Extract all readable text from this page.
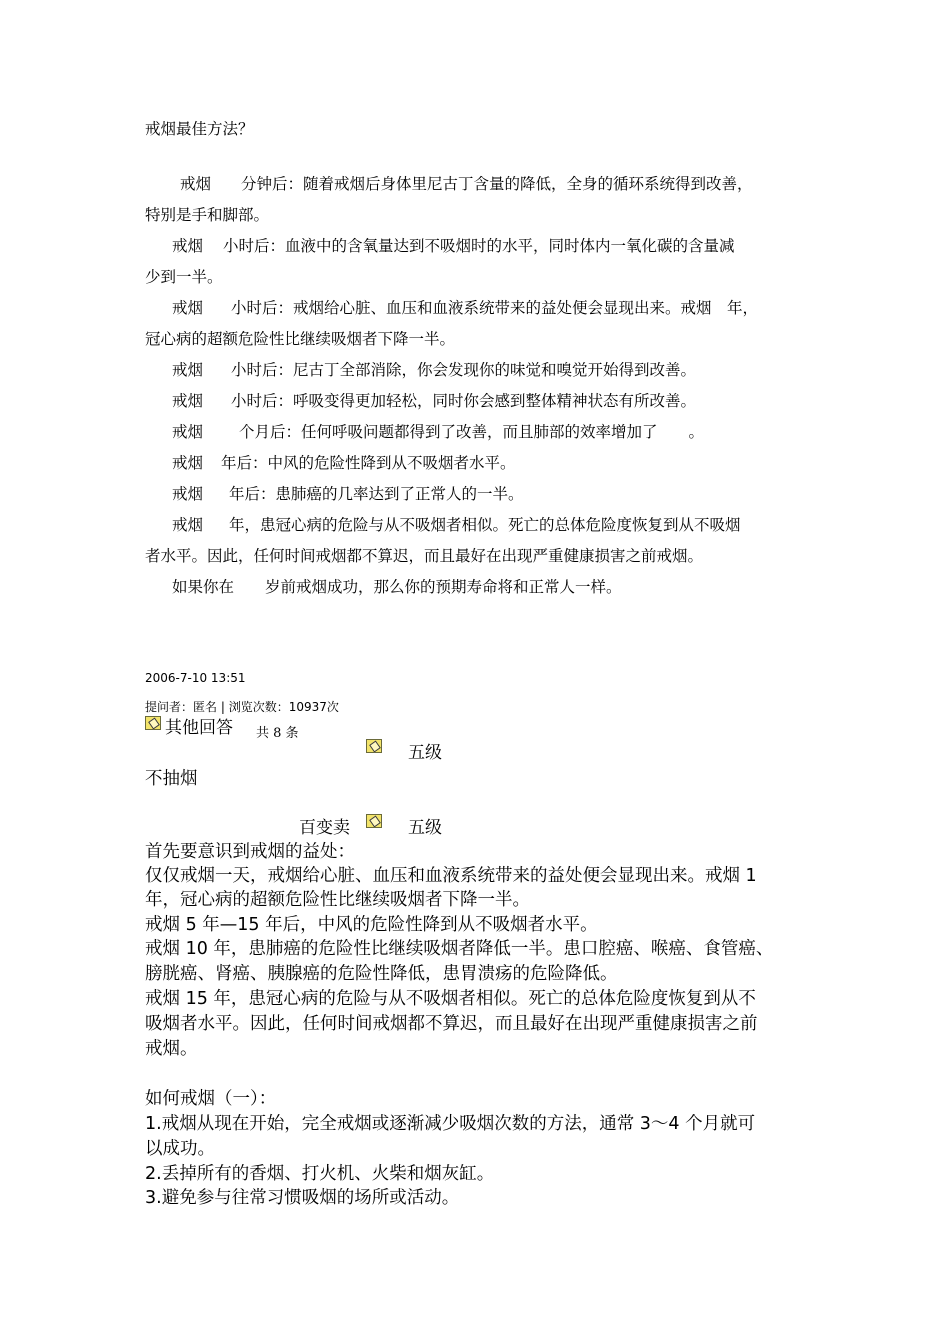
戒烟最佳方法？
戒烟 分钟后：随着戒烟后身体里尼古丁含量的降低，全身的循环系统得到改善，
特别是手和脚部。
戒烟 小时后：血液中的含氧量达到不吸烟时的水平，同时体内一氧化碳的含量减
少到一半。
戒烟 小时后：戒烟给心脏、血压和血液系统带来的益处便会显现出来。戒烟　年，
冠心病的超额危险性比继续吸烟者下降一半。
戒烟 小时后：尼古丁全部消除，你会发现你的味觉和嗅觉开始得到改善。
戒烟 小时后：呼吸变得更加轻松，同时你会感到整体精神状态有所改善。
戒烟 个月后：任何呼吸问题都得到了改善，而且肺部的效率增加了　　。
戒烟 年后：中风的危险性降到从不吸烟者水平。
戒烟 年后：患肺癌的几率达到了正常人的一半。
戒烟 年，患冠心病的危险与从不吸烟者相似。死亡的总体危险度恢复到从不吸烟
者水平。因此，任何时间戒烟都不算迟，而且最好在出现严重健康损害之前戒烟。
如果你在　　岁前戒烟成功，那么你的预期寿命将和正常人一样。
2006-7-10 13:51
提问者：匿名 | 浏览次数：10937次
其他回答 共 8 条
五级
不抽烟
百变卖	五级
首先要意识到戒烟的益处：
仅仅戒烟一天，戒烟给心脏、血压和血液系统带来的益处便会显现出来。戒烟 1
年，冠心病的超额危险性比继续吸烟者下降一半。
戒烟 5 年—15 年后，中风的危险性降到从不吸烟者水平。
戒烟 10 年，患肺癌的危险性比继续吸烟者降低一半。患口腔癌、喉癌、食管癌、
膀胱癌、肾癌、胰腺癌的危险性降低，患胃溃疡的危险降低。
戒烟 15 年，患冠心病的危险与从不吸烟者相似。死亡的总体危险度恢复到从不
吸烟者水平。因此，任何时间戒烟都不算迟，而且最好在出现严重健康损害之前
戒烟。
如何戒烟（一）：
1.戒烟从现在开始，完全戒烟或逐渐减少吸烟次数的方法，通常 3～4 个月就可
以成功。
2.丢掉所有的香烟、打火机、火柴和烟灰缸。
3.避免参与往常习惯吸烟的场所或活动。
